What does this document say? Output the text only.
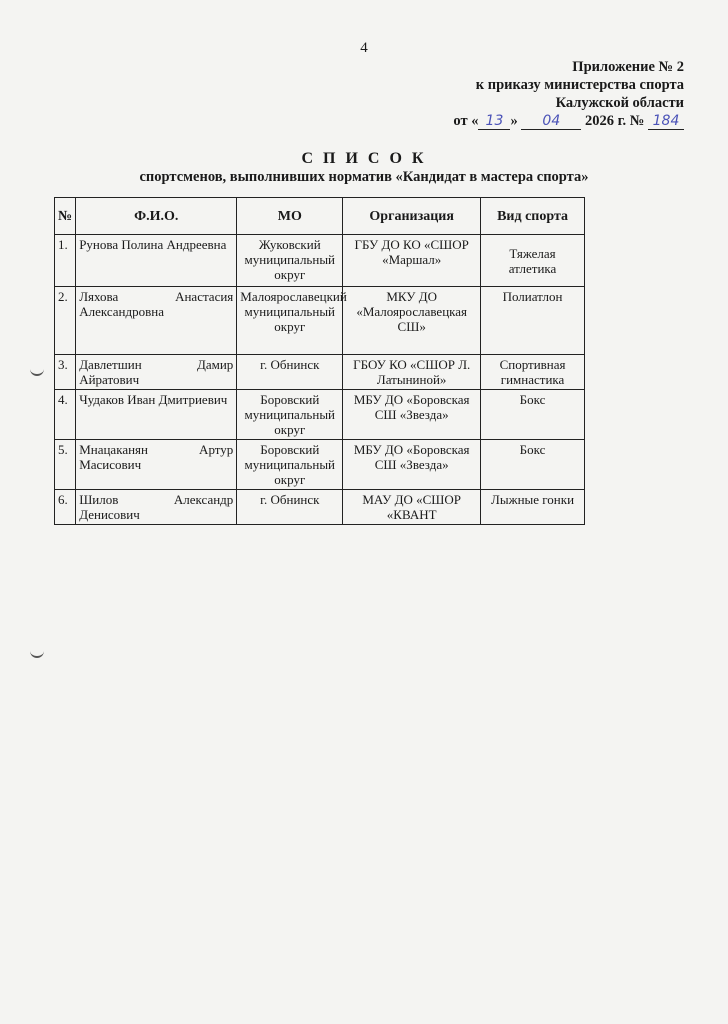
4
Приложение № 2
к приказу министерства спорта
Калужской области
от « 13 » 04 2026 г. № 184
С П И С О К
спортсменов, выполнивших норматив «Кандидат в мастера спорта»
№	Ф.И.О.	МО	Организация	Вид спорта
1.	Рунова Полина Андреевна	Жуковский муниципальный округ	ГБУ ДО КО «СШОР «Маршал»	Тяжелая атлетика
2.	Ляхова Анастасия Александровна	Малоярославецкий муниципальный округ	МКУ ДО «Малоярославецкая СШ»	Полиатлон
3.	Давлетшин Дамир Айратович	г. Обнинск	ГБОУ КО «СШОР Л. Латыниной»	Спортивная гимнастика
4.	Чудаков Иван Дмитриевич	Боровский муниципальный округ	МБУ ДО «Боровская СШ «Звезда»	Бокс
5.	Мнацаканян Артур Масисович	Боровский муниципальный округ	МБУ ДО «Боровская СШ «Звезда»	Бокс
6.	Шилов Александр Денисович	г. Обнинск	МАУ ДО «СШОР «КВАНТ	Лыжные гонки
